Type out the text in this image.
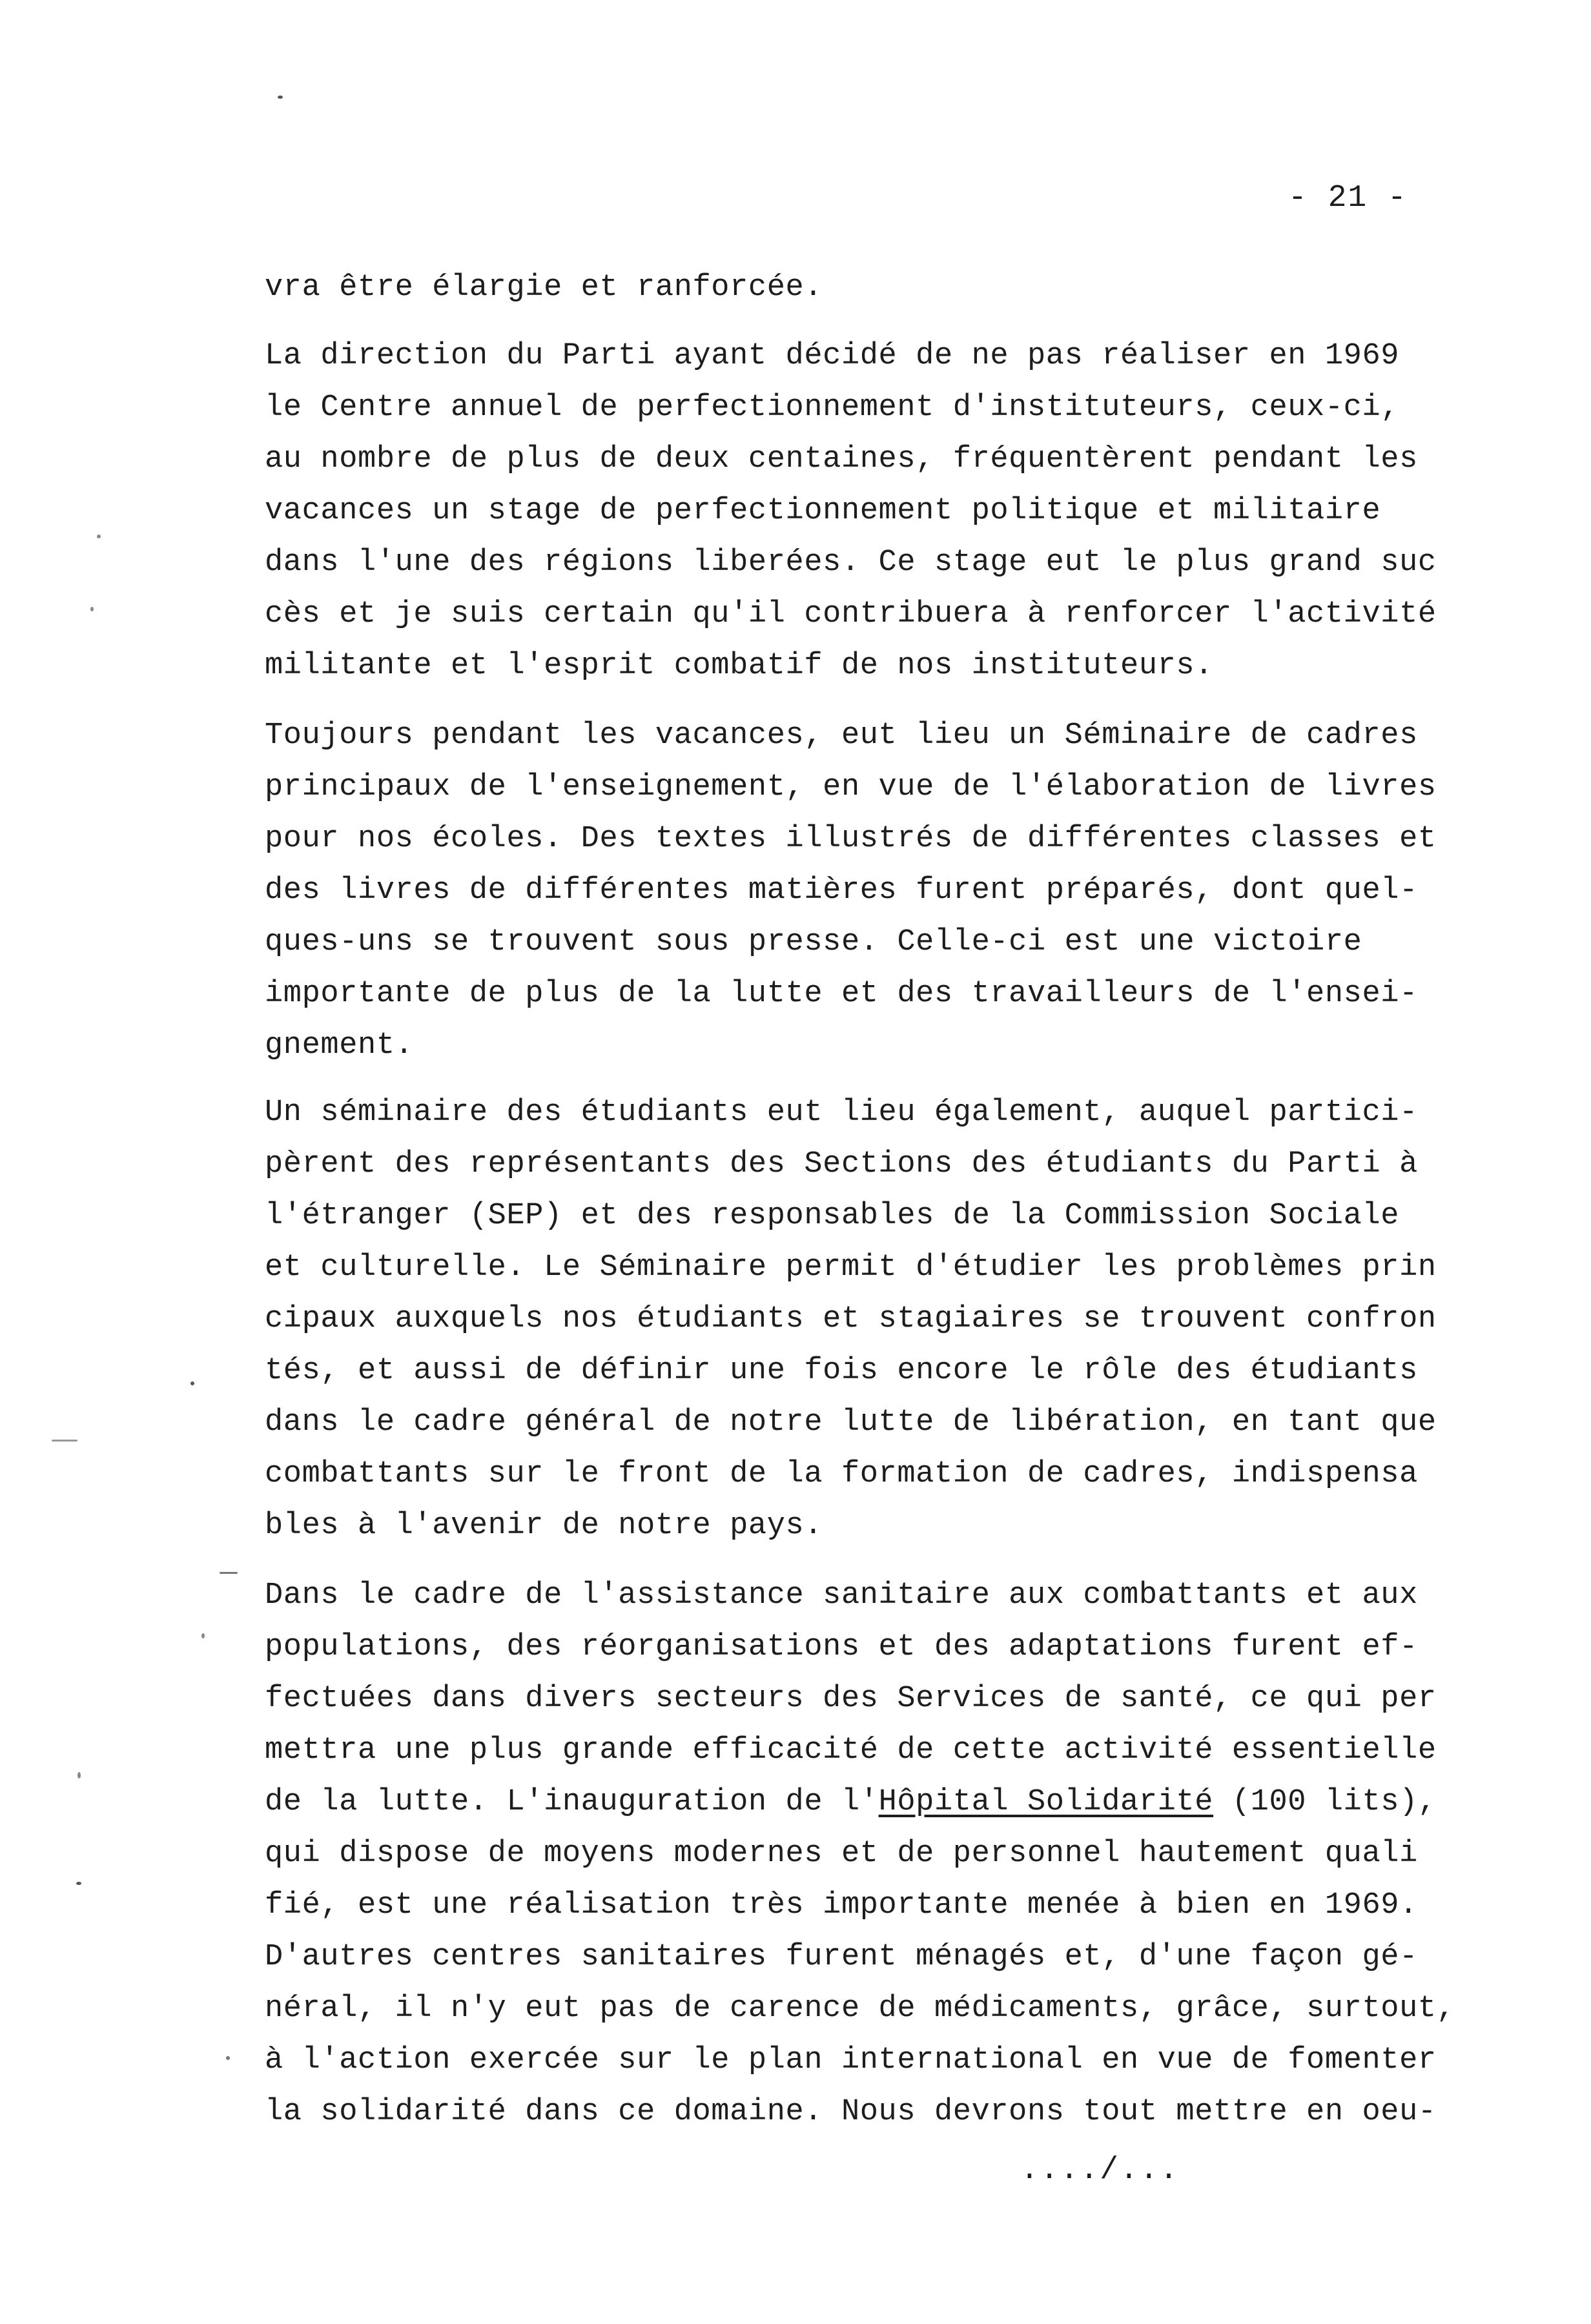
- 21 -
vra être élargie et ranforcée.
La direction du Parti ayant décidé de ne pas réaliser en 1969
le Centre annuel de perfectionnement d'instituteurs, ceux-ci,
au nombre de plus de deux centaines, fréquentèrent pendant les
vacances un stage de perfectionnement politique et militaire
dans l'une des régions liberées. Ce stage eut le plus grand suc
cès et je suis certain qu'il contribuera à renforcer l'activité
militante et l'esprit combatif de nos instituteurs.
Toujours pendant les vacances, eut lieu un Séminaire de cadres
principaux de l'enseignement, en vue de l'élaboration de livres
pour nos écoles. Des textes illustrés de différentes classes et
des livres de différentes matières furent préparés, dont quel-
ques-uns se trouvent sous presse. Celle-ci est une victoire
importante de plus de la lutte et des travailleurs de l'ensei-
gnement.
Un séminaire des étudiants eut lieu également, auquel partici-
pèrent des représentants des Sections des étudiants du Parti à
l'étranger (SEP) et des responsables de la Commission Sociale
et culturelle. Le Séminaire permit d'étudier les problèmes prin
cipaux auxquels nos étudiants et stagiaires se trouvent confron
tés, et aussi de définir une fois encore le rôle des étudiants
dans le cadre général de notre lutte de libération, en tant que
combattants sur le front de la formation de cadres, indispensa
bles à l'avenir de notre pays.
Dans le cadre de l'assistance sanitaire aux combattants et aux
populations, des réorganisations et des adaptations furent ef-
fectuées dans divers secteurs des Services de santé, ce qui per
mettra une plus grande efficacité de cette activité essentielle
de la lutte. L'inauguration de l'Hôpital Solidarité (100 lits),
qui dispose de moyens modernes et de personnel hautement quali
fié, est une réalisation très importante menée à bien en 1969.
D'autres centres sanitaires furent ménagés et, d'une façon gé-
néral, il n'y eut pas de carence de médicaments, grâce, surtout,
à l'action exercée sur le plan international en vue de fomenter
la solidarité dans ce domaine. Nous devrons tout mettre en oeu-
..../...
